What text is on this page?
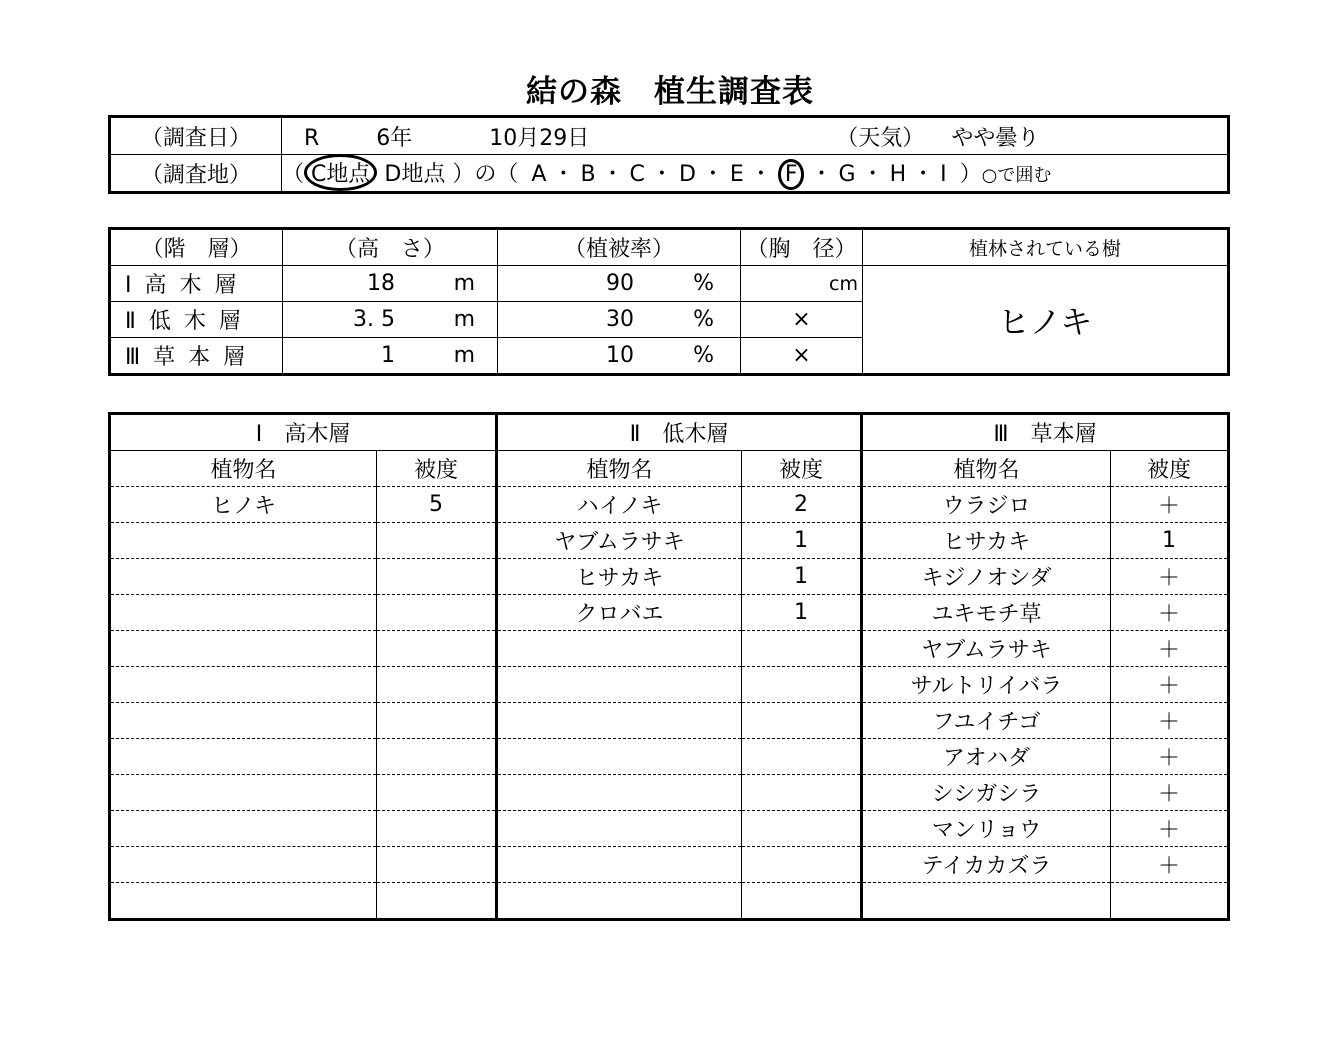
結の森　植生調査表
（調査日）	R 6年 10月29日 （天気） やや曇り
（調査地）	（ C地点 D地点 ）の（ A ・ B ・ C ・ D ・ E ・ F ・ G ・ H ・ I ）○で囲む
（階　層）	（高　さ）	（植被率）	（胸　径）	植林されている樹
Ⅰ 高 木 層	18 m	90 %	cm	ヒノキ
Ⅱ 低 木 層	3. 5 m	30 %	×	
Ⅲ 草 本 層	1 m	10 %	×	
Ⅰ　高木層		Ⅱ　低木層		Ⅲ　草本層	
植物名	被度	植物名	被度	植物名	被度
ヒノキ	5	ハイノキ	2	ウラジロ	＋
		ヤブムラサキ	1	ヒサカキ	1
		ヒサカキ	1	キジノオシダ	＋
		クロバエ	1	ユキモチ草	＋
				ヤブムラサキ	＋
				サルトリイバラ	＋
				フユイチゴ	＋
				アオハダ	＋
				シシガシラ	＋
				マンリョウ	＋
				テイカカズラ	＋
